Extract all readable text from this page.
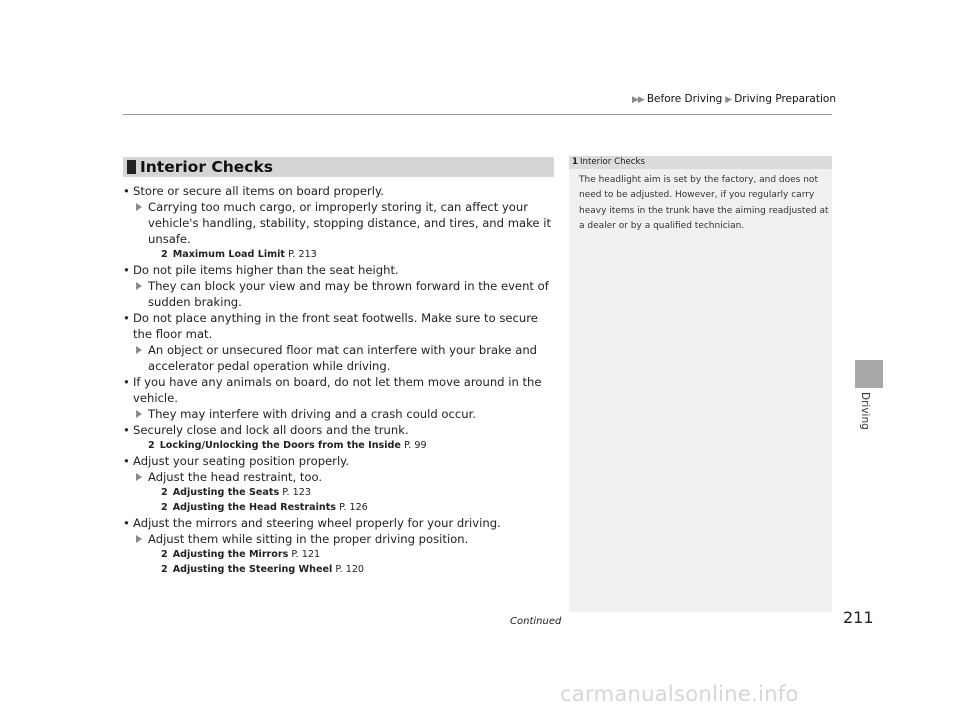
▶▶ Before Driving ▶ Driving Preparation
Interior Checks

• Store or secure all items on board properly.

Carrying too much cargo, or improperly storing it, can affect your vehicle's handling, stability, stopping distance, and tires, and make it unsafe.

2 Maximum Load Limit P. 213

• Do not pile items higher than the seat height.

They can block your view and may be thrown forward in the event of sudden braking.

• Do not place anything in the front seat footwells. Make sure to secure the floor mat.

An object or unsecured floor mat can interfere with your brake and accelerator pedal operation while driving.

• If you have any animals on board, do not let them move around in the vehicle.

They may interfere with driving and a crash could occur.

• Securely close and lock all doors and the trunk.

2 Locking/Unlocking the Doors from the Inside P. 99

• Adjust your seating position properly.

Adjust the head restraint, too.

2 Adjusting the Seats P. 123

2 Adjusting the Head Restraints P. 126

• Adjust the mirrors and steering wheel properly for your driving.

Adjust them while sitting in the proper driving position.

2 Adjusting the Mirrors P. 121

2 Adjusting the Steering Wheel P. 120

1 Interior Checks
The headlight aim is set by the factory, and does not need to be adjusted. However, if you regularly carry heavy items in the trunk have the aiming readjusted at a dealer or by a qualified technician.
Continued	211
Driving
carmanualsonline.info
